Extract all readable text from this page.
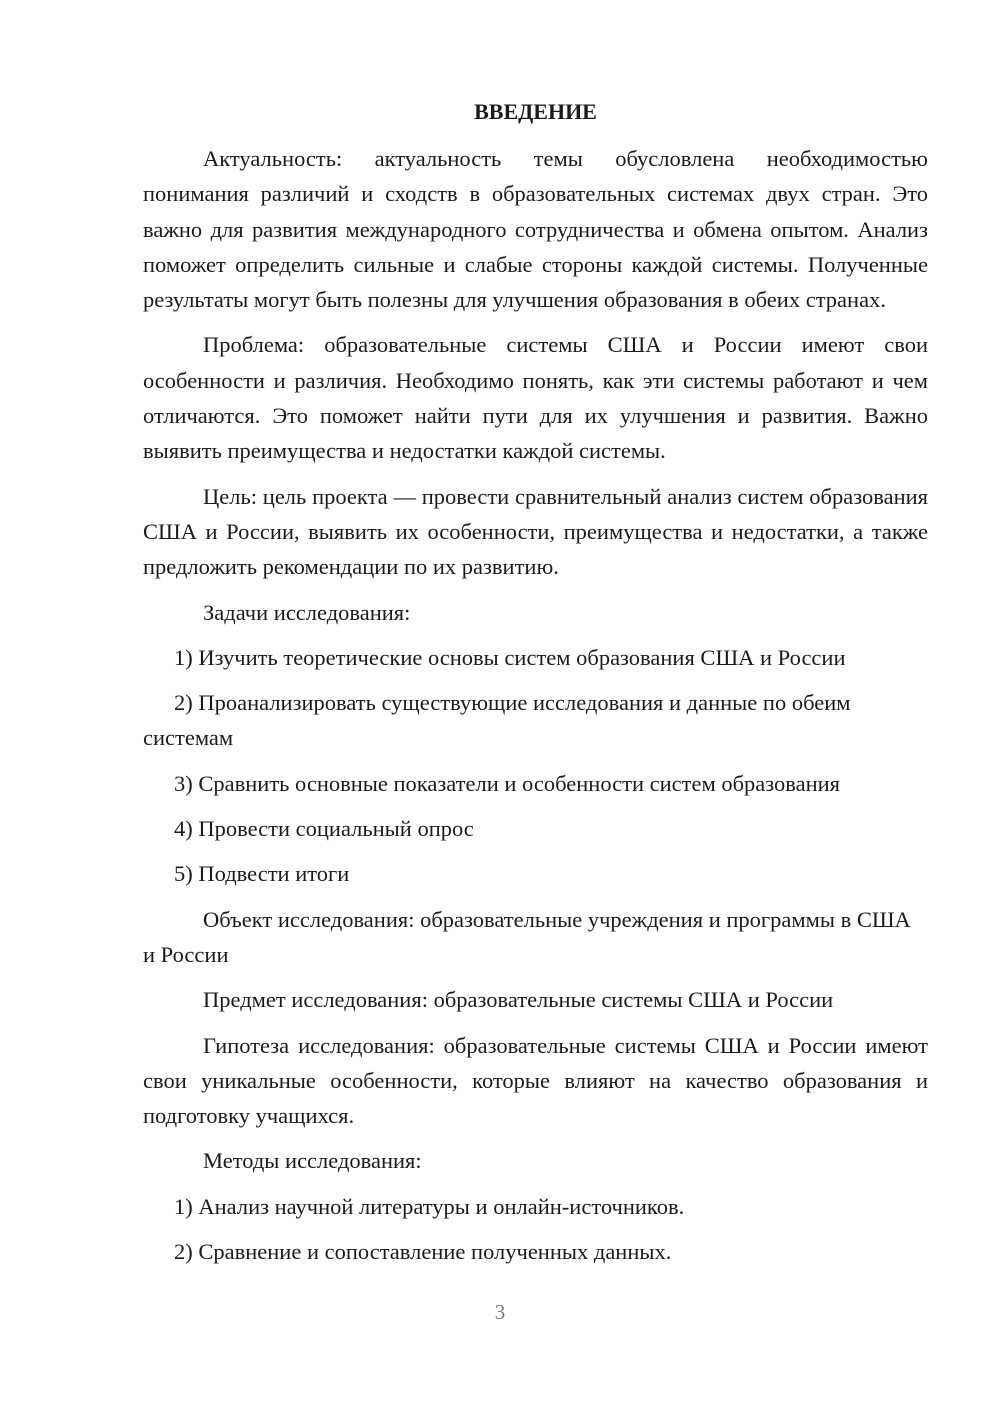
ВВЕДЕНИЕ

Актуальность: актуальность темы обусловлена необходимостью понимания различий и сходств в образовательных системах двух стран. Это важно для развития международного сотрудничества и обмена опытом. Анализ поможет определить сильные и слабые стороны каждой системы. Полученные результаты могут быть полезны для улучшения образования в обеих странах.

Проблема: образовательные системы США и России имеют свои особенности и различия. Необходимо понять, как эти системы работают и чем отличаются. Это поможет найти пути для их улучшения и развития. Важно выявить преимущества и недостатки каждой системы.

Цель: цель проекта — провести сравнительный анализ систем образования США и России, выявить их особенности, преимущества и недостатки, а также предложить рекомендации по их развитию.

Задачи исследования:

1) Изучить теоретические основы систем образования США и России

2) Проанализировать существующие исследования и данные по обеим системам

3) Сравнить основные показатели и особенности систем образования

4) Провести социальный опрос

5) Подвести итоги

Объект исследования: образовательные учреждения и программы в США и России

Предмет исследования: образовательные системы США и России

Гипотеза исследования: образовательные системы США и России имеют свои уникальные особенности, которые влияют на качество образования и подготовку учащихся.

Методы исследования:

1) Анализ научной литературы и онлайн-источников.

2) Сравнение и сопоставление полученных данных.

3
